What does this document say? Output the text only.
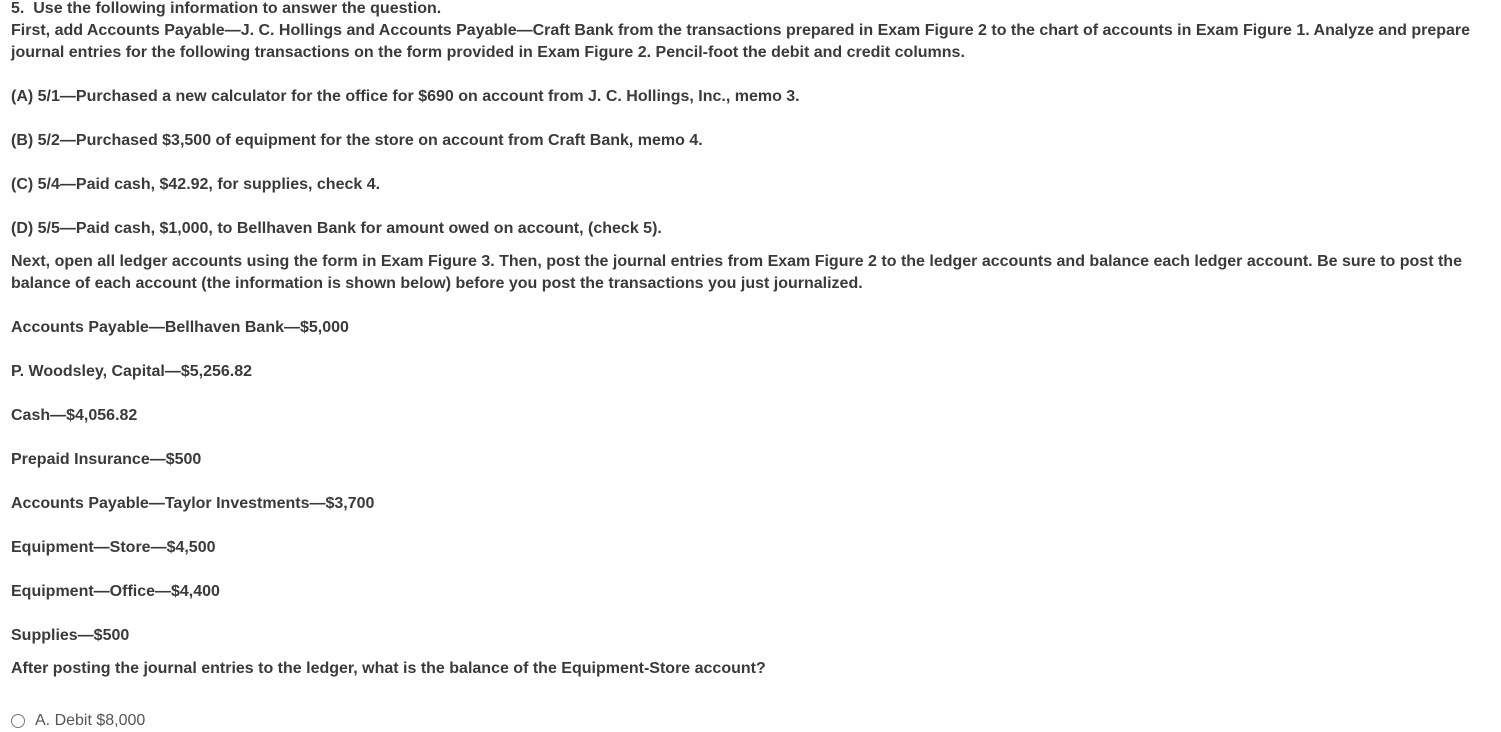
5. Use the following information to answer the question.
First, add Accounts Payable—J. C. Hollings and Accounts Payable—Craft Bank from the transactions prepared in Exam Figure 2 to the chart of accounts in Exam Figure 1. Analyze and prepare journal entries for the following transactions on the form provided in Exam Figure 2. Pencil-foot the debit and credit columns.
(A) 5/1—Purchased a new calculator for the office for $690 on account from J. C. Hollings, Inc., memo 3.
(B) 5/2—Purchased $3,500 of equipment for the store on account from Craft Bank, memo 4.
(C) 5/4—Paid cash, $42.92, for supplies, check 4.
(D) 5/5—Paid cash, $1,000, to Bellhaven Bank for amount owed on account, (check 5).
Next, open all ledger accounts using the form in Exam Figure 3. Then, post the journal entries from Exam Figure 2 to the ledger accounts and balance each ledger account. Be sure to post the balance of each account (the information is shown below) before you post the transactions you just journalized.
Accounts Payable—Bellhaven Bank—$5,000
P. Woodsley, Capital—$5,256.82
Cash—$4,056.82
Prepaid Insurance—$500
Accounts Payable—Taylor Investments—$3,700
Equipment—Store—$4,500
Equipment—Office—$4,400
Supplies—$500
After posting the journal entries to the ledger, what is the balance of the Equipment-Store account?
A. Debit $8,000
